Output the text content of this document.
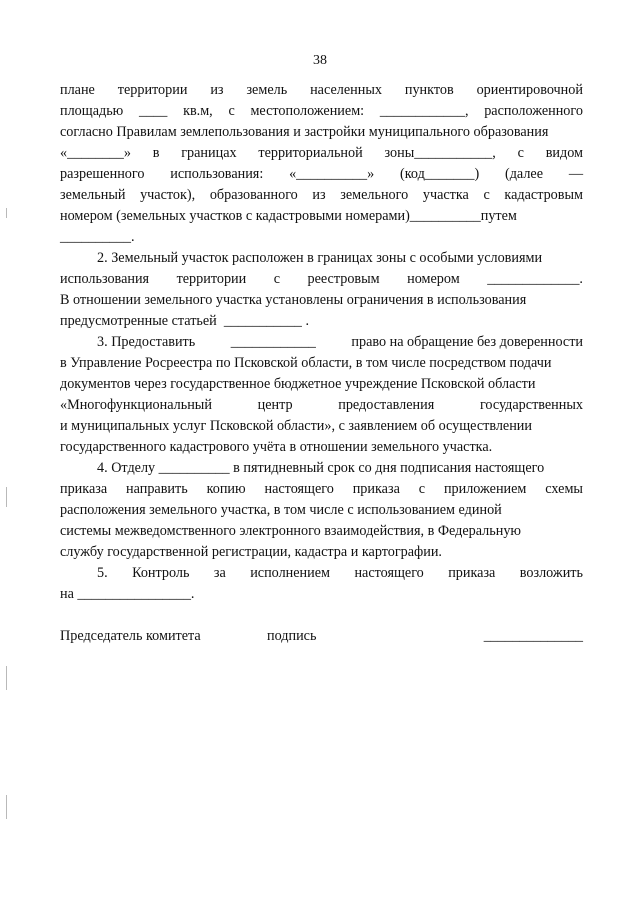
38
плане территории из земель населенных пунктов ориентировочной
площадью ____ кв.м, с местоположением: ____________, расположенного
согласно Правилам землепользования и застройки муниципального образования
«________» в границах территориальной зоны___________, с видом
разрешенного использования: «__________» (код_______) (далее —
земельный участок), образованного из земельного участка с кадастровым
номером (земельных участков с кадастровыми номерами)__________путем
__________.
2. Земельный участок расположен в границах зоны с особыми условиями
использования территории с реестровым номером _____________.
В отношении земельного участка установлены ограничения в использования
предусмотренные статьей  ___________ .
3. Предоставить	____________	право на обращение без доверенности
в Управление Росреестра по Псковской области, в том числе посредством подачи
документов через государственное бюджетное учреждение Псковской области
«Многофункциональный	центр	предоставления	государственных
и муниципальных услуг Псковской области», с заявлением об осуществлении
государственного кадастрового учёта в отношении земельного участка.
4. Отделу __________ в пятидневный срок со дня подписания настоящего
приказа направить копию настоящего приказа с приложением схемы
расположения земельного участка, в том числе с использованием единой
системы межведомственного электронного взаимодействия, в Федеральную
службу государственной регистрации, кадастра и картографии.
5. Контроль за исполнением настоящего приказа возложить
на ________________.
Председатель комитета	подпись	______________
